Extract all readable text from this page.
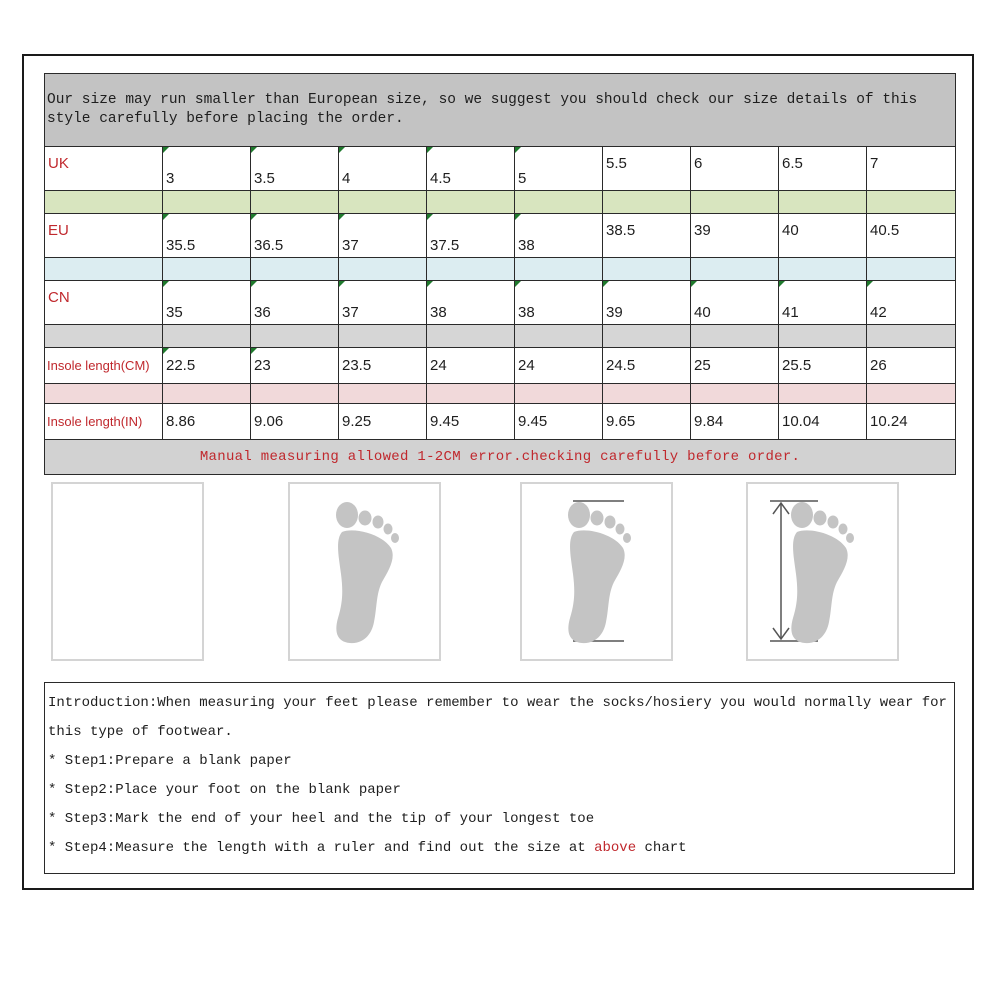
Our size may run smaller than European size, so we suggest you should check our size details of this style carefully before placing the order.									
UK	3	3.5	4	4.5	5	5.5	6	6.5	7

EU	35.5	36.5	37	37.5	38	38.5	39	40	40.5

CN	35	36	37	38	38	39	40	41	42

Insole length(CM)	22.5	23	23.5	24	24	24.5	25	25.5	26

Insole length(IN)	8.86	9.06	9.25	9.45	9.45	9.65	9.84	10.04	10.24
Manual measuring allowed 1-2CM error.checking carefully before order.									

Introduction:When measuring your feet please remember to wear the socks/hosiery you would normally wear for this type of footwear.

* Step1:Prepare a blank paper

* Step2:Place your foot on the blank paper

* Step3:Mark the end of your heel and the tip of your longest toe

* Step4:Measure the length with a ruler and find out the size at above chart
